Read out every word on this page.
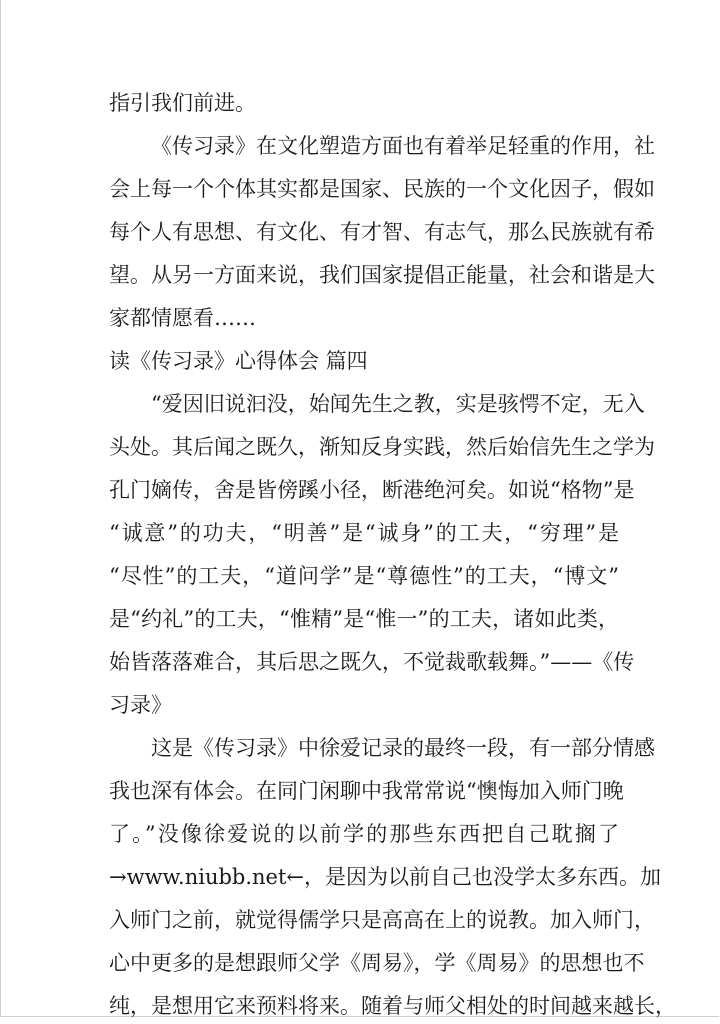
指引我们前进。
《传习录》在文化塑造方面也有着举足轻重的作用，社
会上每一个个体其实都是国家、民族的一个文化因子，假如
每个人有思想、有文化、有才智、有志气，那么民族就有希
望。从另一方面来说，我们国家提倡正能量，社会和谐是大
家都情愿看……
读《传习录》心得体会 篇四
“爱因旧说汩没，始闻先生之教，实是骇愕不定，无入
头处。其后闻之既久，渐知反身实践，然后始信先生之学为
孔门嫡传，舍是皆傍蹊小径，断港绝河矣。如说“格物”是
“诚意”的功夫，“明善”是“诚身”的工夫，“穷理”是
“尽性”的工夫，“道问学”是“尊德性”的工夫，“博文”
是“约礼”的工夫，“惟精”是“惟一”的工夫，诸如此类，
始皆落落难合，其后思之既久，不觉裁歌载舞。”——《传
习录》
这是《传习录》中徐爱记录的最终一段，有一部分情感
我也深有体会。在同门闲聊中我常常说“懊悔加入师门晚
了。”没像徐爱说的以前学的那些东西把自己耽搁了
→www.niubb.net←，是因为以前自己也没学太多东西。加
入师门之前，就觉得儒学只是高高在上的说教。加入师门，
心中更多的是想跟师父学《周易》，学《周易》的思想也不
纯，是想用它来预料将来。随着与师父相处的时间越来越长，
